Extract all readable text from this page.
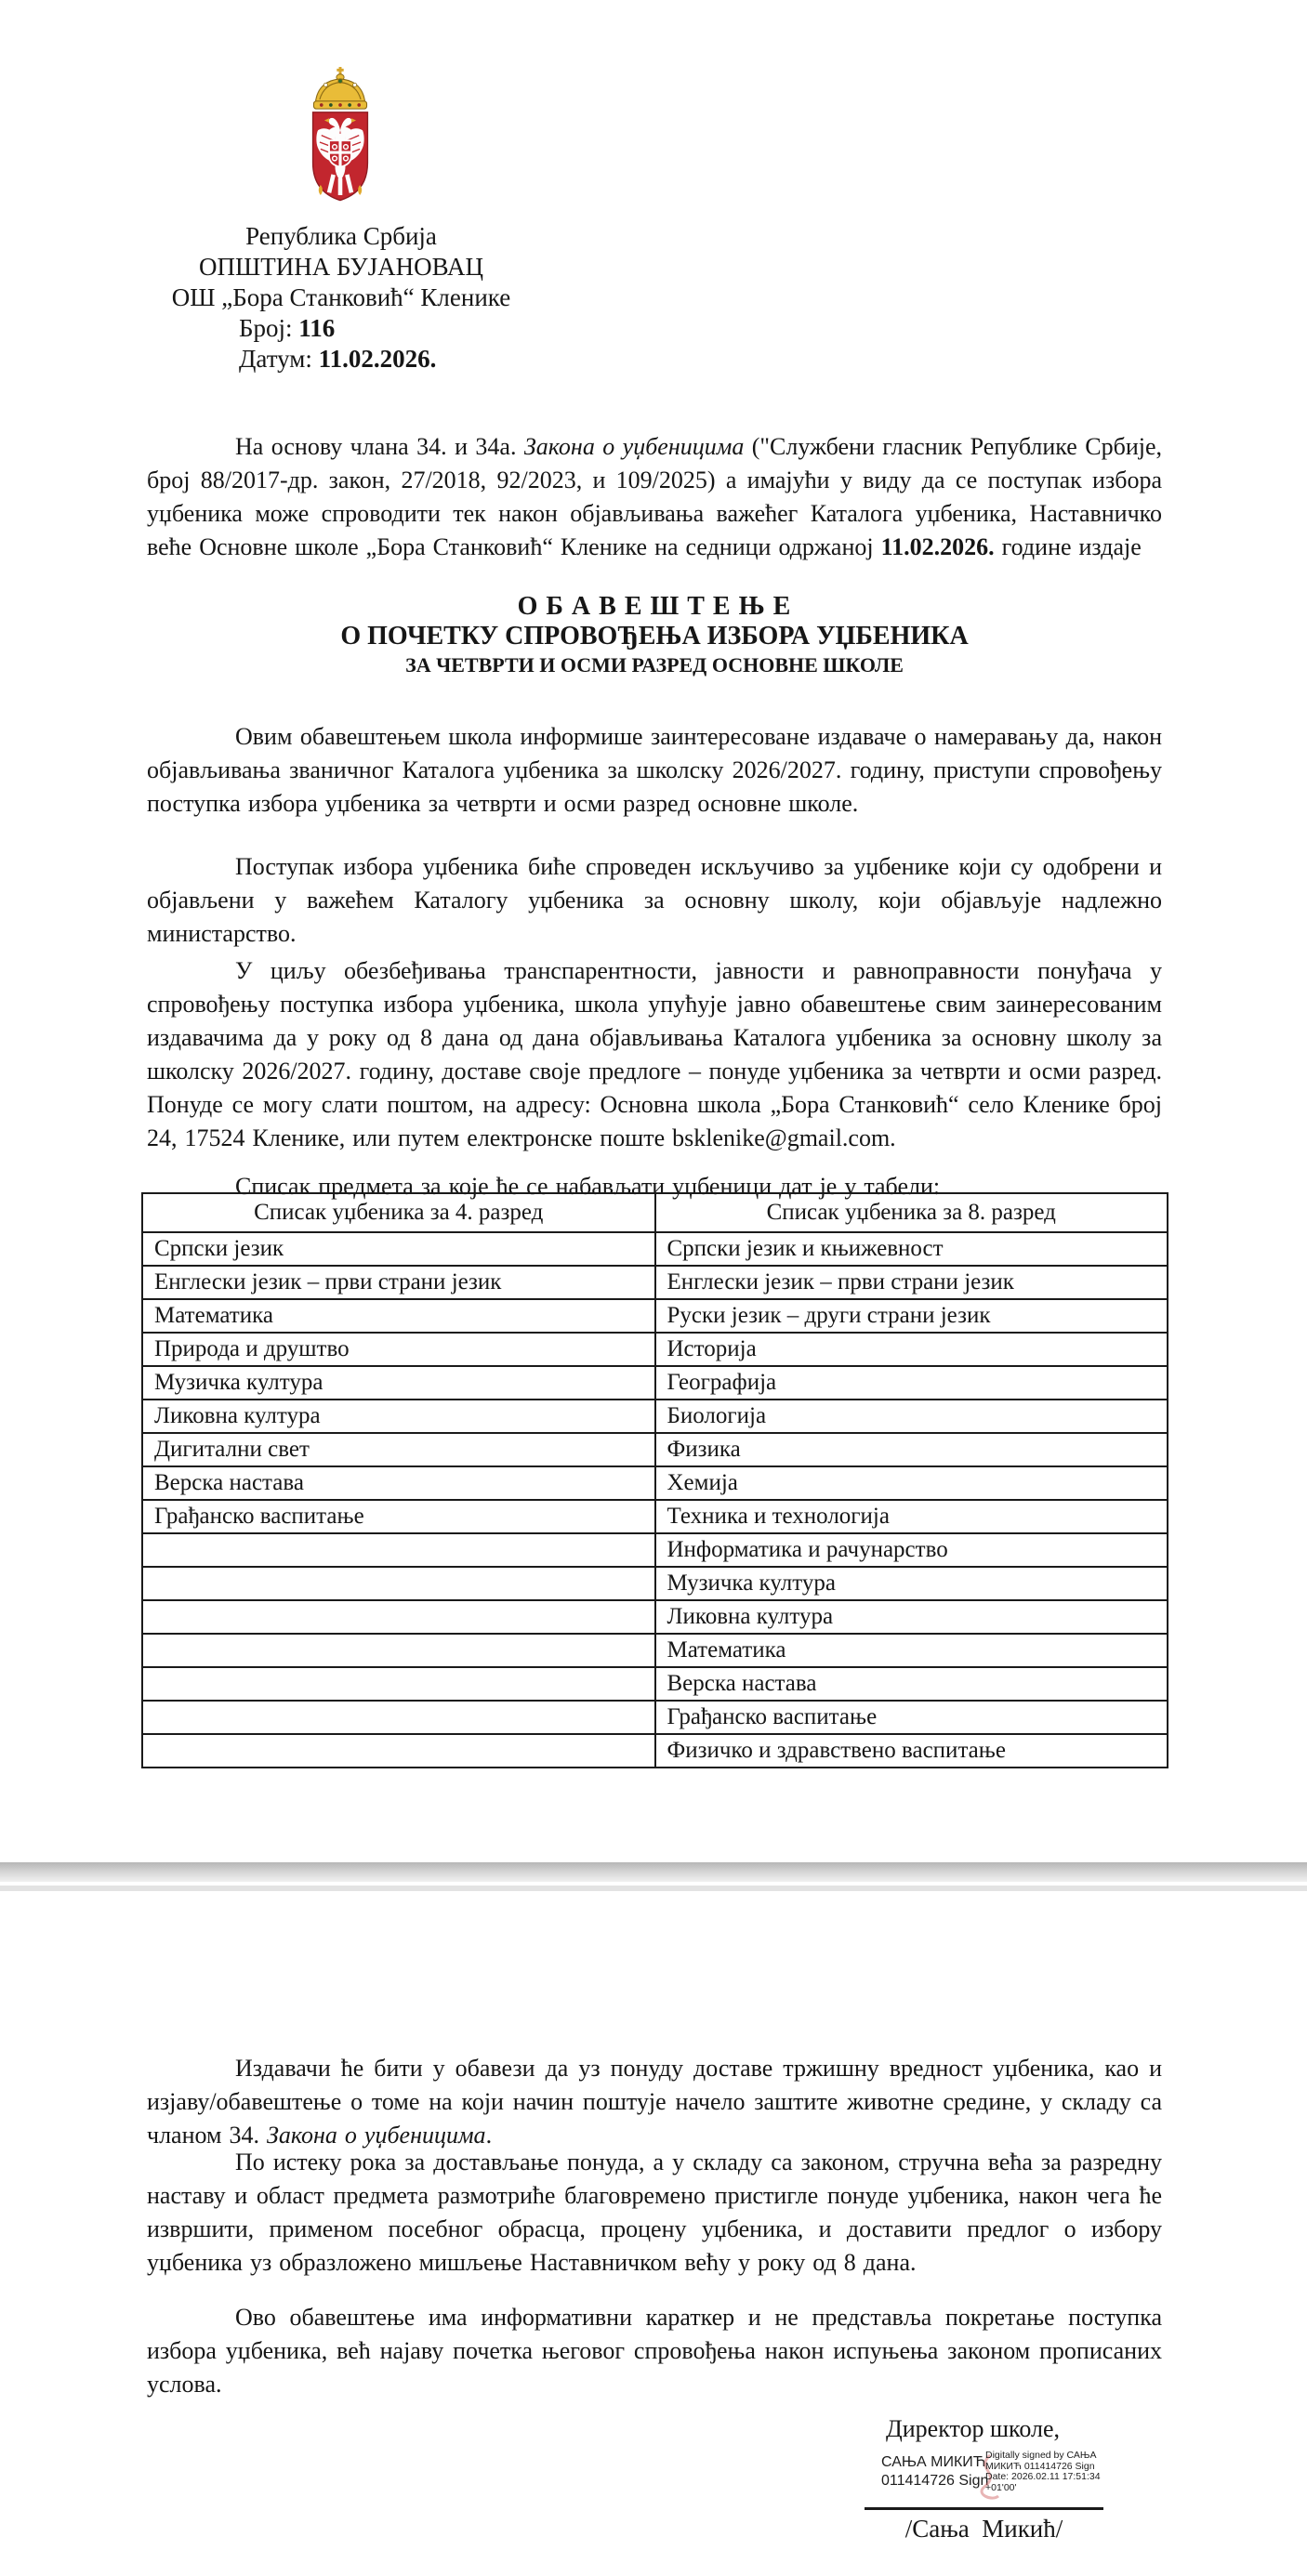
Република Србија
ОПШТИНА БУЈАНОВАЦ
ОШ „Бора Станковић“ Кленике
Број: 116
Датум: 11.02.2026.

На основу члана 34. и 34а. Закона о уџбеницима ("Службени гласник Републике Србије, број 88/2017-др. закон, 27/2018, 92/2023, и 109/2025) а имајући у виду да се поступак избора уџбеника може спроводити тек након објављивања важећег Каталога уџбеника, Наставничко веће Основне школе „Бора Станковић“ Кленике на седници одржаној 11.02.2026. године издаје

О Б А В Е Ш Т Е Њ Е
О ПОЧЕТКУ СПРОВОЂЕЊА ИЗБОРА УЏБЕНИКА
ЗА ЧЕТВРТИ И ОСМИ РАЗРЕД ОСНОВНЕ ШКОЛЕ

Овим обавештењем школа информише заинтересоване издаваче о намеравању да, након објављивања званичног Каталога уџбеника за школску 2026/2027. годину, приступи спровођењу поступка избора уџбеника за четврти и осми разред основне школе.

Поступак избора уџбеника биће спроведен искључиво за уџбенике који су одобрени и објављени у важећем Каталогу уџбеника за основну школу, који објављује надлежно министарство.

У циљу обезбеђивања транспарентности, јавности и равноправности понуђача у спровођењу поступка избора уџбеника, школа упућује јавно обавештење свим заинересованим издавачима да у року од 8 дана од дана објављивања Каталога уџбеника за основну школу за школску 2026/2027. годину, доставе своје предлоге – понуде уџбеника за четврти и осми разред. Понуде се могу слати поштом, на адресу: Основна школа „Бора Станковић“ село Кленике број 24, 17524 Кленике, или путем електронске поште bsklenike@gmail.com.

Списак предмета за које ће се набављати уџбеници дат је у табели:

Списак уџбеника за 4. разред	Списак уџбеника за 8. разред
Српски језик	Српски језик и књижевност
Енглески језик – први страни језик	Енглески језик – први страни језик
Математика	Руски језик – други страни језик
Природа и друштво	Историја
Музичка култура	Географија
Ликовна култура	Биологија
Дигитални свет	Физика
Верска настава	Хемија
Грађанско васпитање	Техника и технологија
	Информатика и рачунарство
	Музичка култура
	Ликовна култура
	Математика
	Верска настава
	Грађанско васпитање
	Физичко и здравствено васпитање

Издавачи ће бити у обавези да уз понуду доставе тржишну вредност уџбеника, као и изјаву/обавештење о томе на који начин поштује начело заштите животне средине, у складу са чланом 34. Закона о уџбеницима.

По истеку рока за достављање понуда, а у складу са законом, стручна већа за разредну наставу и област предмета размотриће благовремено пристигле понуде уџбеника, након чега ће извршити, применом посебног обрасца, процену уџбеника, и доставити предлог о избору уџбеника уз образложено мишљење Наставничком већу у року од 8 дана.

Ово обавештење има информативни караткер и не представља покретање поступка избора уџбеника, већ најаву почетка његовог спровођења након испуњења законом прописаних услова.

Директор школе,
САЊА МИКИЋ
011414726 Sign
Digitally signed by САЊА
МИКИЋ 011414726 Sign
Date: 2026.02.11 17:51:34
+01'00'
/Сања  Микић/
